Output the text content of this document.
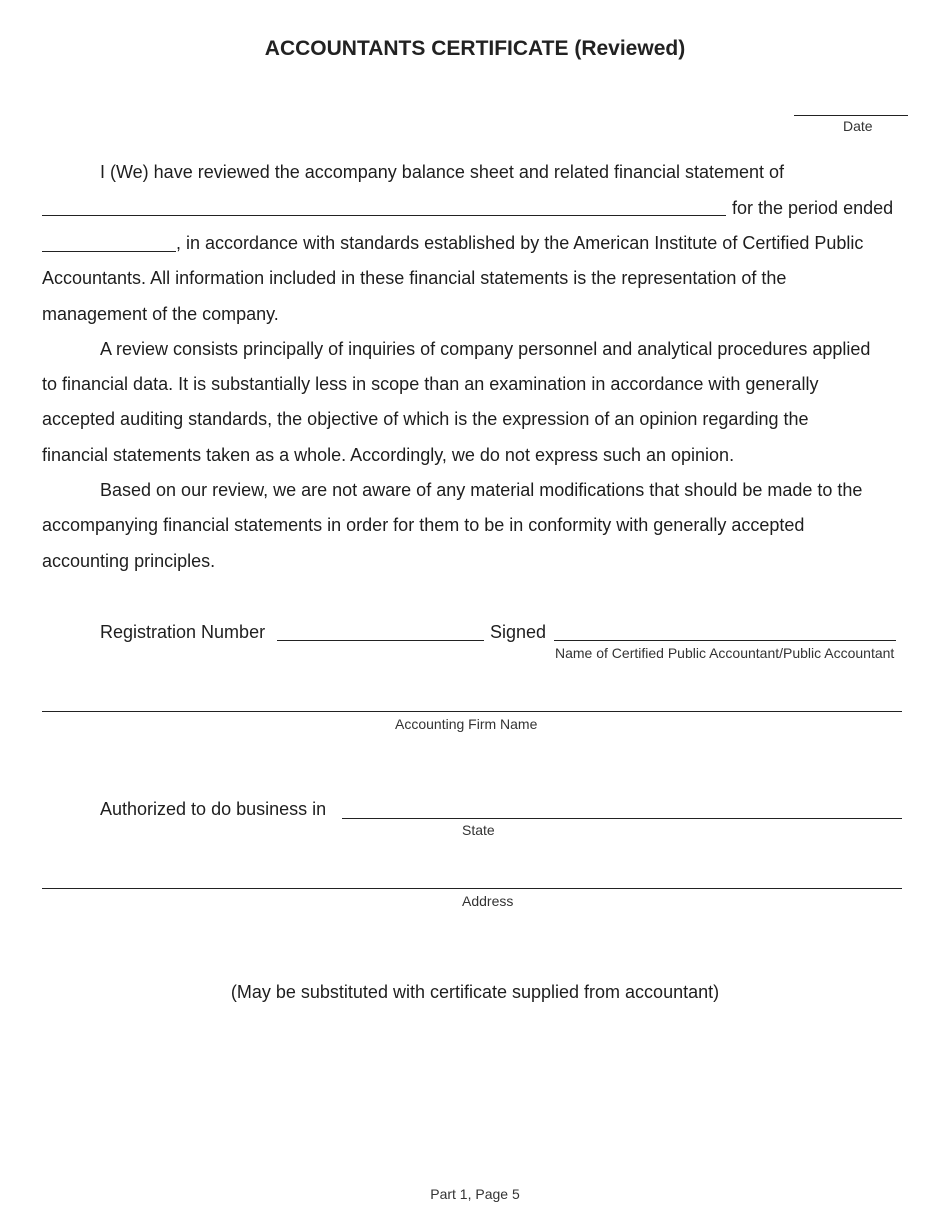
ACCOUNTANTS CERTIFICATE (Reviewed)
Date
I (We) have reviewed the accompany balance sheet and related financial statement of
for the period ended
, in accordance with standards established by the American Institute of Certified Public
Accountants. All information included in these financial statements is the representation of the
management of the company.
A review consists principally of inquiries of company personnel and analytical procedures applied
to financial data. It is substantially less in scope than an examination in accordance with generally
accepted auditing standards, the objective of which is the expression of an opinion regarding the
financial statements taken as a whole. Accordingly, we do not express such an opinion.
Based on our review, we are not aware of any material modifications that should be made to the
accompanying financial statements in order for them to be in conformity with generally accepted
accounting principles.
Registration Number	Signed
Name of Certified Public Accountant/Public Accountant
Accounting Firm Name
Authorized to do business in
State
Address
(May be substituted with certificate supplied from accountant)
Part 1, Page 5
